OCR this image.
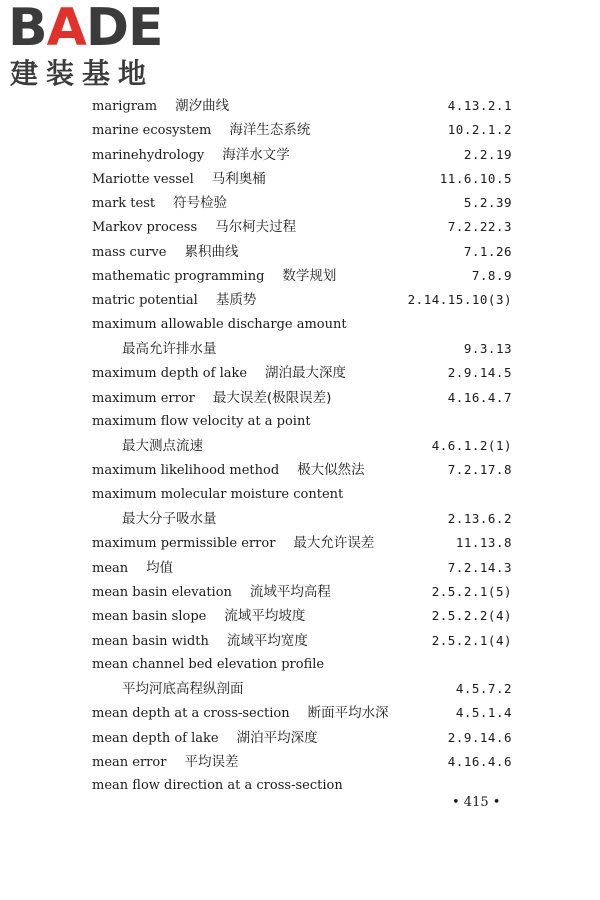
BADE
建装基地
marigram 潮汐曲线	4.13.2.1
marine ecosystem 海洋生态系统	10.2.1.2
marinehydrology 海洋水文学	2.2.19
Mariotte vessel 马利奥桶	11.6.10.5
mark test 符号检验	5.2.39
Markov process 马尔柯夫过程	7.2.22.3
mass curve 累积曲线	7.1.26
mathematic programming 数学规划	7.8.9
matric potential 基质势	2.14.15.10(3)
maximum allowable discharge amount
最高允许排水量	9.3.13
maximum depth of lake 湖泊最大深度	2.9.14.5
maximum error 最大误差(极限误差)	4.16.4.7
maximum flow velocity at a point
最大测点流速	4.6.1.2(1)
maximum likelihood method 极大似然法	7.2.17.8
maximum molecular moisture content
最大分子吸水量	2.13.6.2
maximum permissible error 最大允许误差	11.13.8
mean 均值	7.2.14.3
mean basin elevation 流域平均高程	2.5.2.1(5)
mean basin slope 流域平均坡度	2.5.2.2(4)
mean basin width 流域平均宽度	2.5.2.1(4)
mean channel bed elevation profile
平均河底高程纵剖面	4.5.7.2
mean depth at a cross-section 断面平均水深	4.5.1.4
mean depth of lake 湖泊平均深度	2.9.14.6
mean error 平均误差	4.16.4.6
mean flow direction at a cross-section
• 415 •
